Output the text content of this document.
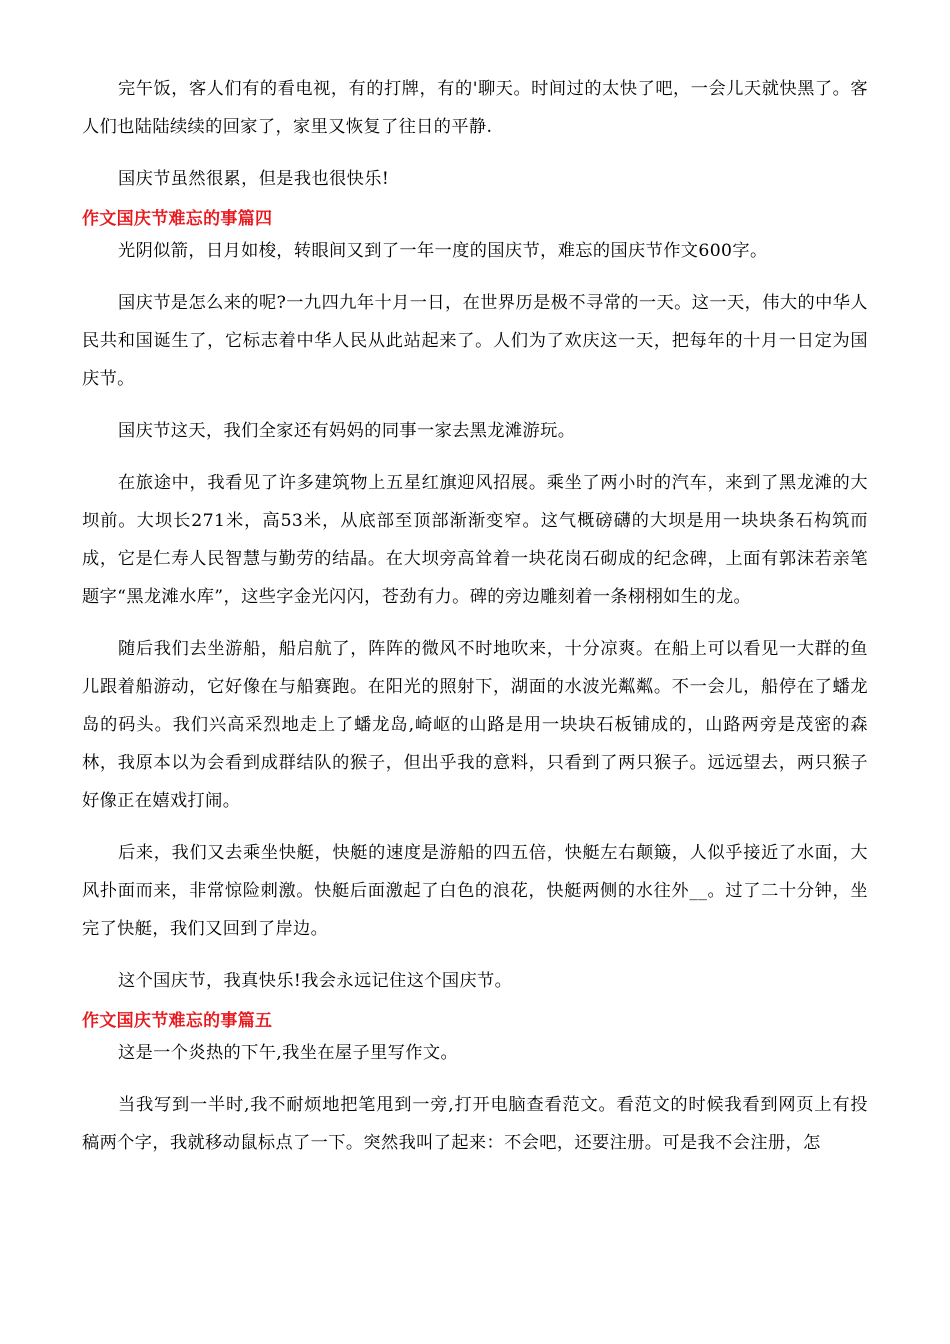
完午饭，客人们有的看电视，有的打牌，有的'聊天。时间过的太快了吧，一会儿天就快黑了。客人们也陆陆续续的回家了，家里又恢复了往日的平静.

国庆节虽然很累，但是我也很快乐!

作文国庆节难忘的事篇四

光阴似箭，日月如梭，转眼间又到了一年一度的国庆节，难忘的国庆节作文600字。

国庆节是怎么来的呢?一九四九年十月一日，在世界历是极不寻常的一天。这一天，伟大的中华人民共和国诞生了，它标志着中华人民从此站起来了。人们为了欢庆这一天，把每年的十月一日定为国庆节。

国庆节这天，我们全家还有妈妈的同事一家去黑龙滩游玩。

在旅途中，我看见了许多建筑物上五星红旗迎风招展。乘坐了两小时的汽车，来到了黑龙滩的大坝前。大坝长271米，高53米，从底部至顶部渐渐变窄。这气概磅礴的大坝是用一块块条石构筑而成，它是仁寿人民智慧与勤劳的结晶。在大坝旁高耸着一块花岗石砌成的纪念碑，上面有郭沫若亲笔题字“黑龙滩水库”，这些字金光闪闪，苍劲有力。碑的旁边雕刻着一条栩栩如生的龙。

随后我们去坐游船，船启航了，阵阵的微风不时地吹来，十分凉爽。在船上可以看见一大群的鱼儿跟着船游动，它好像在与船赛跑。在阳光的照射下，湖面的水波光粼粼。不一会儿，船停在了蟠龙岛的码头。我们兴高采烈地走上了蟠龙岛,崎岖的山路是用一块块石板铺成的，山路两旁是茂密的森林，我原本以为会看到成群结队的猴子，但出乎我的意料，只看到了两只猴子。远远望去，两只猴子好像正在嬉戏打闹。

后来，我们又去乘坐快艇，快艇的速度是游船的四五倍，快艇左右颠簸，人似乎接近了水面，大风扑面而来，非常惊险刺激。快艇后面激起了白色的浪花，快艇两侧的水往外__。过了二十分钟，坐完了快艇，我们又回到了岸边。

这个国庆节，我真快乐!我会永远记住这个国庆节。

作文国庆节难忘的事篇五

这是一个炎热的下午,我坐在屋子里写作文。

当我写到一半时,我不耐烦地把笔甩到一旁,打开电脑查看范文。看范文的时候我看到网页上有投稿两个字，我就移动鼠标点了一下。突然我叫了起来：不会吧，还要注册。可是我不会注册，怎
